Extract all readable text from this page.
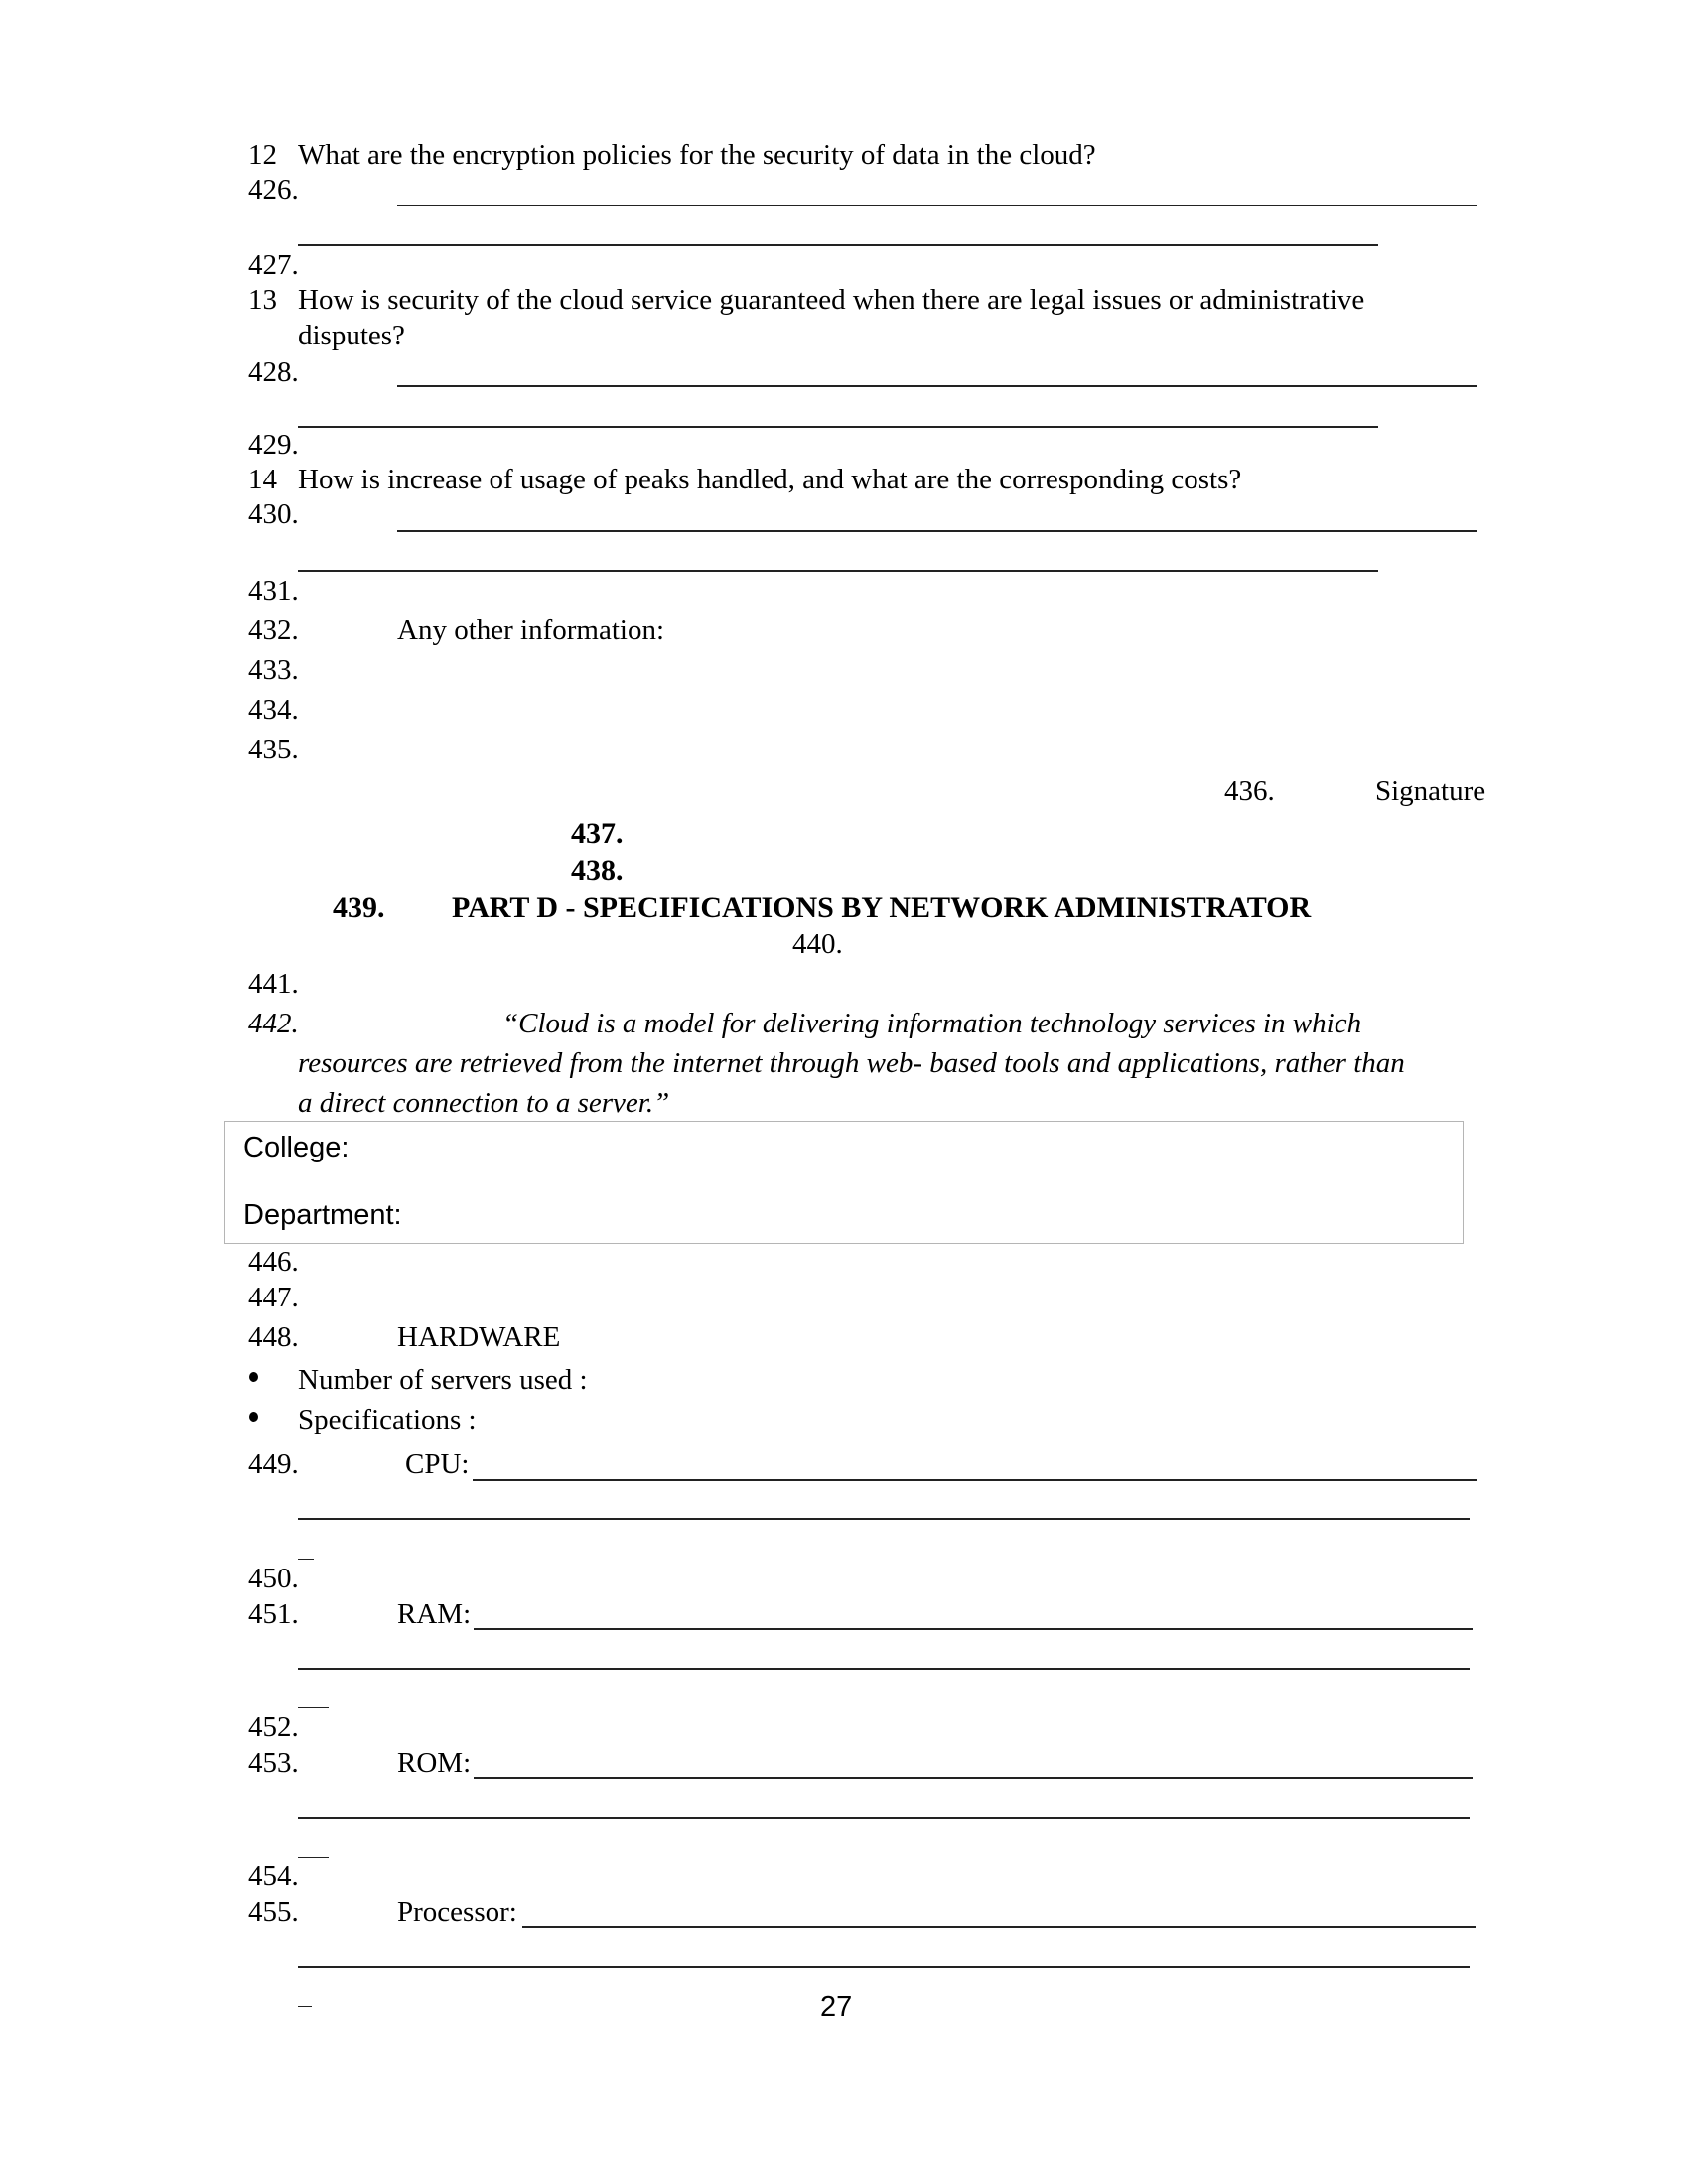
12 What are the encryption policies for the security of data in the cloud?
426.
427.
13 How is security of the cloud service guaranteed when there are legal issues or administrative
disputes?
428.
429.
14 How is increase of usage of peaks handled, and what are the corresponding costs?
430.
431.
432.	Any other information:
433.
434.
435.
436.	Signature
437.
438.
439. PART D - SPECIFICATIONS BY NETWORK ADMINISTRATOR
440.
441.
442.	“Cloud is a model for delivering information technology services in which
resources are retrieved from the internet through web- based tools and applications, rather than
a direct connection to a server.”
College:
Department:
446.
447.
448.	HARDWARE
Number of servers used :
Specifications :
449.	CPU:
450.
451.	RAM:
452.
453.	ROM:
454.
455.	Processor:
27
